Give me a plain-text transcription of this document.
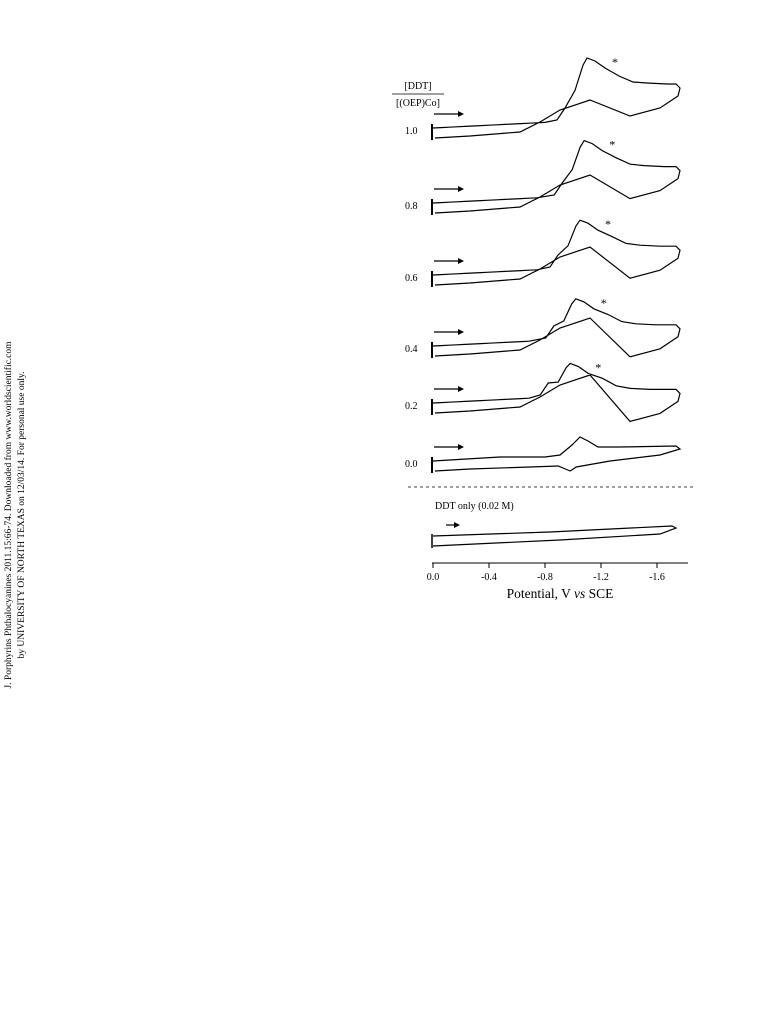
J. Porphyrins Phthalocyanines 2011.15:66-74. Downloaded from www.worldscientific.com by UNIVERSITY OF NORTH TEXAS on 12/03/14. For personal use only.
[DDT]
[(OEP)Co]
*
1.0
*
0.8
*
0.6
*
0.4
*
0.2
0.0
DDT only (0.02 M)
0.0	-0.4	-0.8	-1.2	-1.6
Potential, V vs SCE
